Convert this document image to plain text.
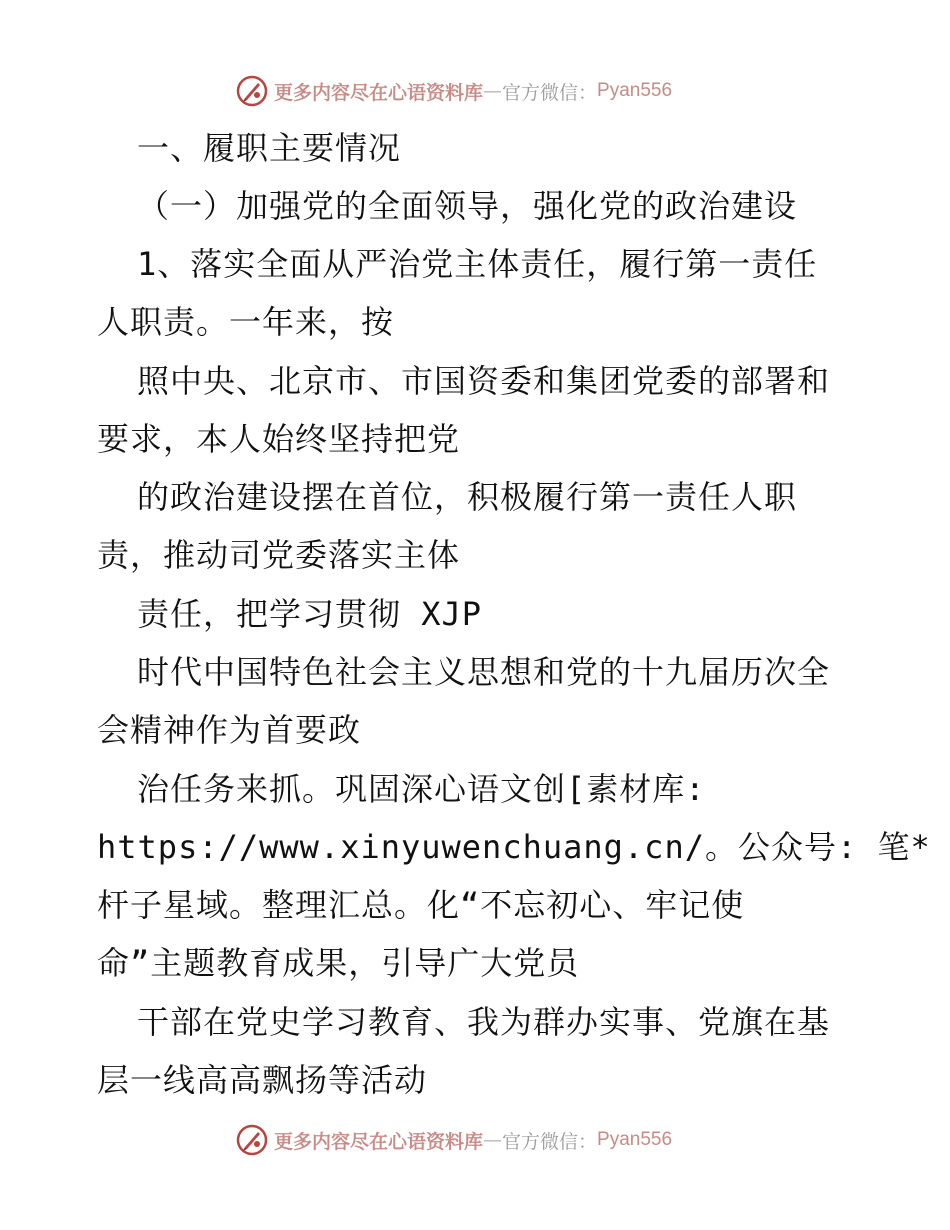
更多内容尽在心语资料库 — 官方微信： Pyan556
一、履职主要情况
（一）加强党的全面领导，强化党的政治建设
1、落实全面从严治党主体责任，履行第一责任
人职责。一年来，按
照中央、北京市、市国资委和集团党委的部署和
要求，本人始终坚持把党
的政治建设摆在首位，积极履行第一责任人职
责，推动司党委落实主体
责任，把学习贯彻 XJP
时代中国特色社会主义思想和党的十九届历次全
会精神作为首要政
治任务来抓。巩固深心语文创[素材库:
https://www.xinyuwenchuang.cn/。公众号: 笔*
杆子星域。整理汇总。化“不忘初心、牢记使
命”主题教育成果，引导广大党员
干部在党史学习教育、我为群办实事、党旗在基
层一线高高飘扬等活动
更多内容尽在心语资料库 — 官方微信： Pyan556
